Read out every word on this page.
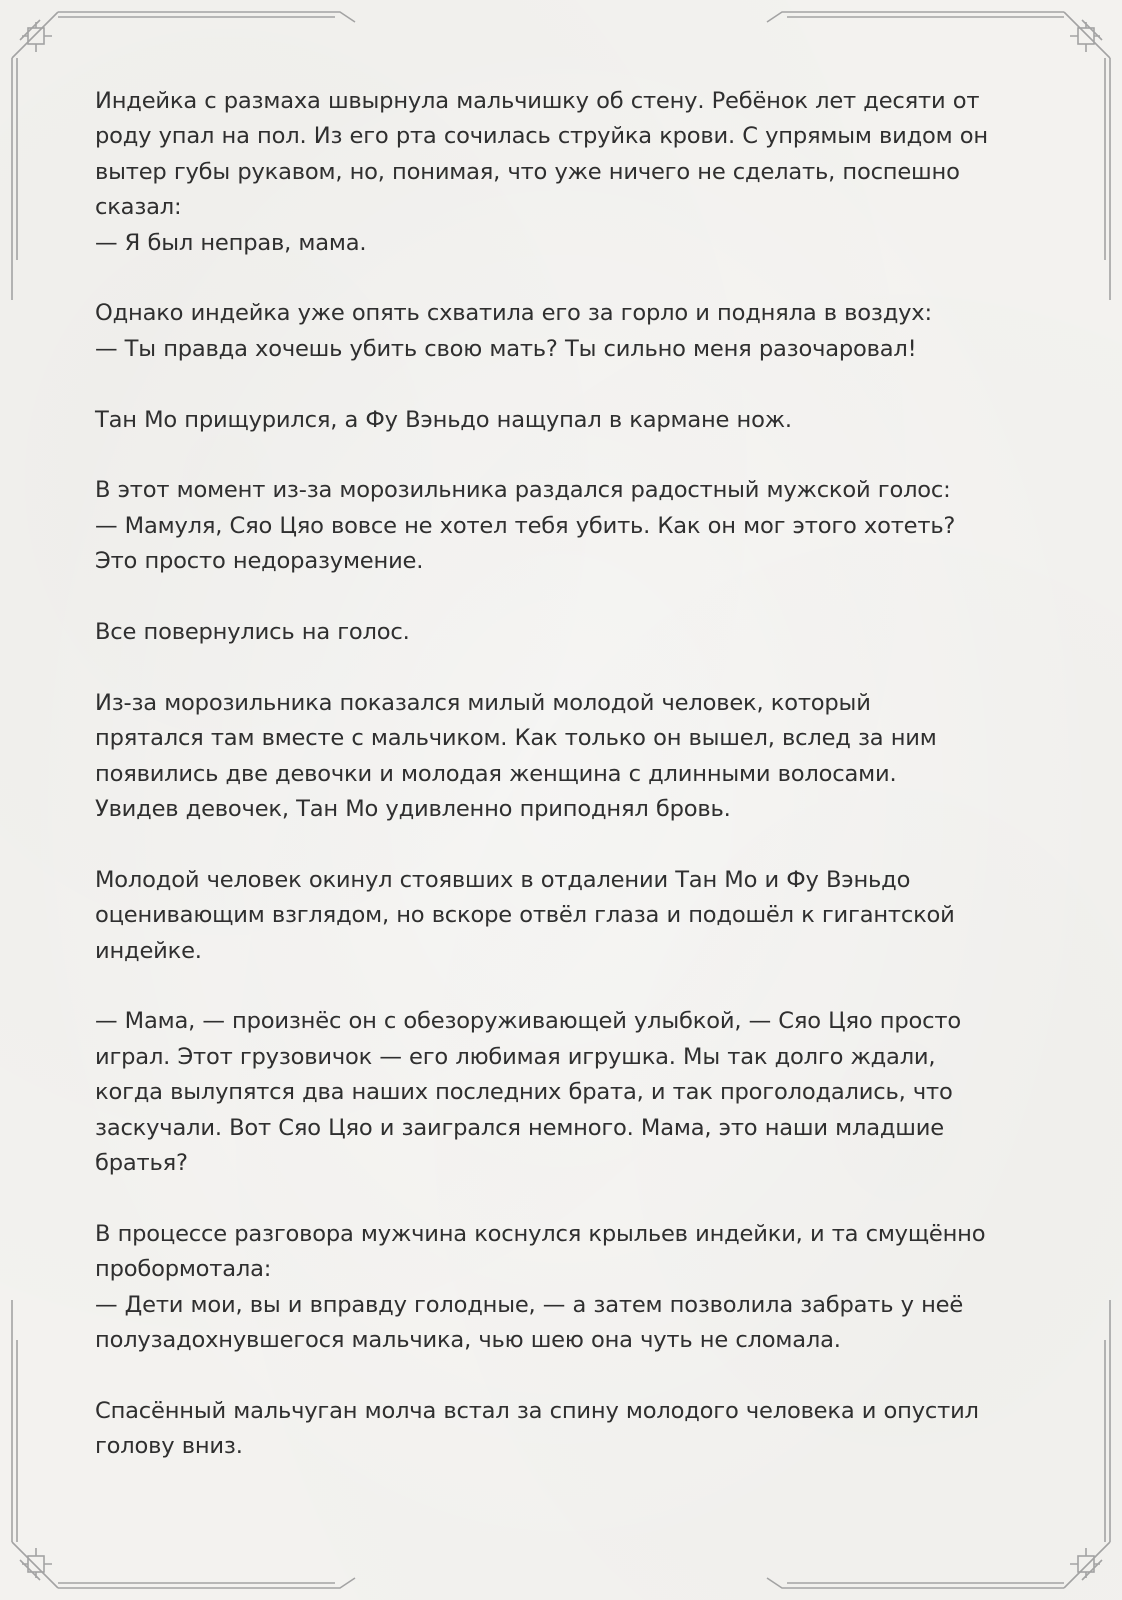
Индейка с размаха швырнула мальчишку об стену. Ребёнок лет десяти от
роду упал на пол. Из его рта сочилась струйка крови. С упрямым видом он
вытер губы рукавом, но, понимая, что уже ничего не сделать, поспешно
сказал:
— Я был неправ, мама.

Однако индейка уже опять схватила его за горло и подняла в воздух:
— Ты правда хочешь убить свою мать? Ты сильно меня разочаровал!

Тан Мо прищурился, а Фу Вэньдо нащупал в кармане нож.

В этот момент из-за морозильника раздался радостный мужской голос:
— Мамуля, Сяо Цяо вовсе не хотел тебя убить. Как он мог этого хотеть?
Это просто недоразумение.

Все повернулись на голос.

Из-за морозильника показался милый молодой человек, который
прятался там вместе с мальчиком. Как только он вышел, вслед за ним
появились две девочки и молодая женщина с длинными волосами.
Увидев девочек, Тан Мо удивленно приподнял бровь.

Молодой человек окинул стоявших в отдалении Тан Мо и Фу Вэньдо
оценивающим взглядом, но вскоре отвёл глаза и подошёл к гигантской
индейке.

— Мама, — произнёс он с обезоруживающей улыбкой, — Сяо Цяо просто
играл. Этот грузовичок — его любимая игрушка. Мы так долго ждали,
когда вылупятся два наших последних брата, и так проголодались, что
заскучали. Вот Сяо Цяо и заигрался немного. Мама, это наши младшие
братья?

В процессе разговора мужчина коснулся крыльев индейки, и та смущённо
пробормотала:
— Дети мои, вы и вправду голодные, — а затем позволила забрать у неё
полузадохнувшегося мальчика, чью шею она чуть не сломала.

Спасённый мальчуган молча встал за спину молодого человека и опустил
голову вниз.
